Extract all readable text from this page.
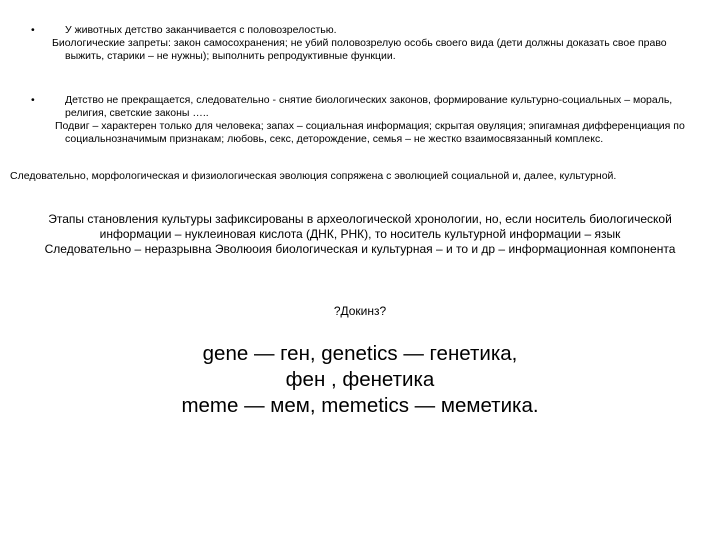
•	У животных детство заканчивается с половозрелостью.

Биологические запреты: закон самосохранения; не убий половозрелую особь своего вида (дети должны доказать свое право выжить, старики – не нужны); выполнить репродуктивные функции.

•	Детство не прекращается, следовательно - снятие биологических законов, формирование культурно-социальных – мораль, религия, светские законы …..

Подвиг – характерен только для человека; запах – социальная информация; скрытая овуляция; эпигамная дифференциация по социальнозначимым признакам; любовь, секс, деторождение, семья – не жестко взаимосвязанный комплекс.

Следовательно, морфологическая и физиологическая эволюция сопряжена с эволюцией социальной и, далее, культурной.

Этапы становления культуры зафиксированы в археологической хронологии, но, если носитель биологической информации – нуклеиновая кислота (ДНК, РНК), то носитель культурной информации – язык

Следовательно – неразрывна Эволюоия биологическая и культурная – и то и др – информационная компонента

?Докинз?

gene — ген, genetics — генетика,

фен , фенетика

meme — мем, memetics — меметика.
